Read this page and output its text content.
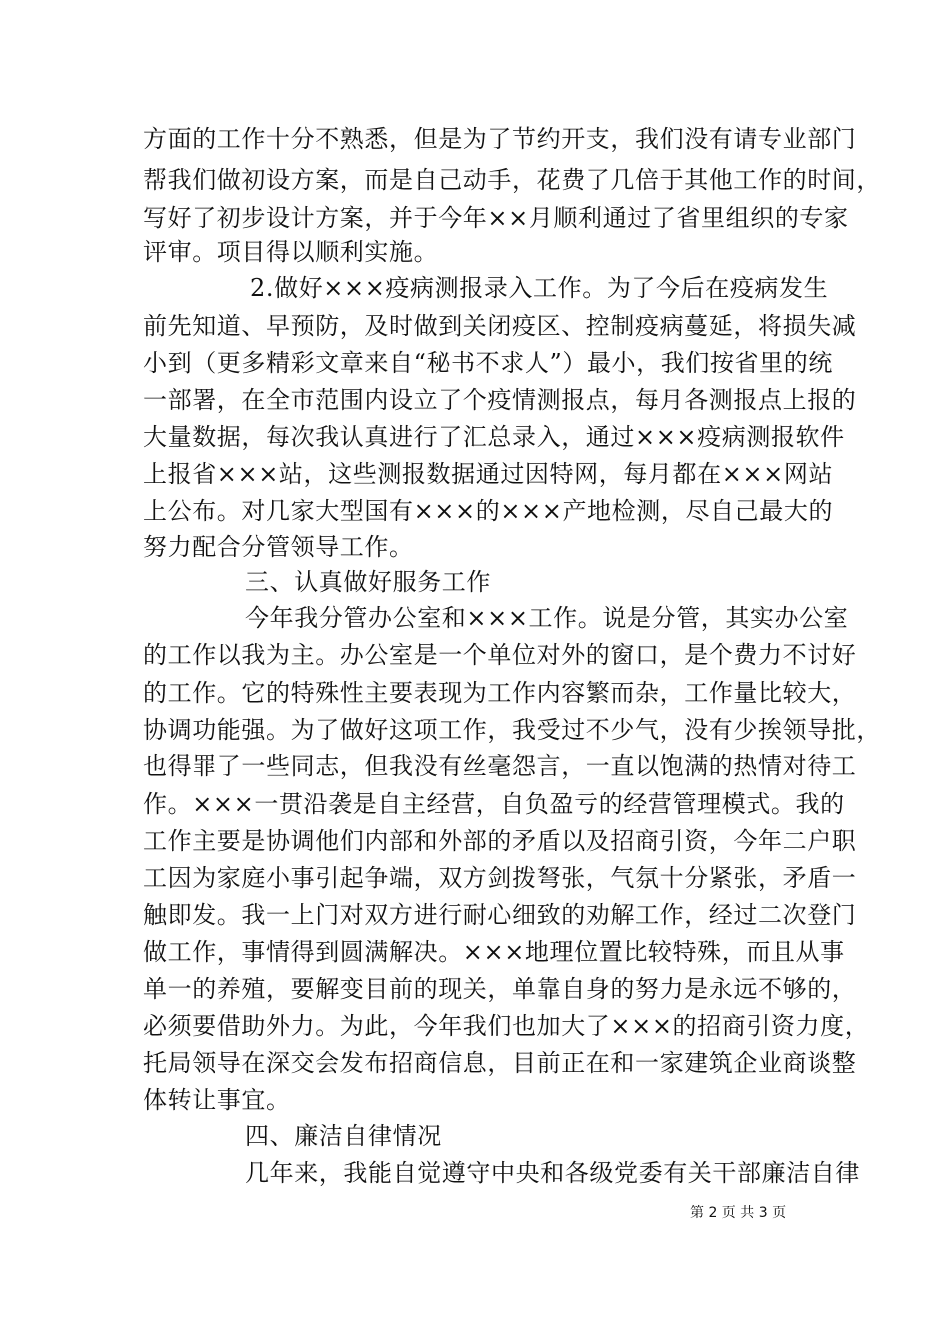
方面的工作十分不熟悉，但是为了节约开支，我们没有请专业部门
帮我们做初设方案，而是自己动手，花费了几倍于其他工作的时间，
写好了初步设计方案，并于今年××月顺利通过了省里组织的专家
评审。项目得以顺利实施。
2.做好×××疫病测报录入工作。为了今后在疫病发生
前先知道、早预防，及时做到关闭疫区、控制疫病蔓延，将损失减
小到（更多精彩文章来自“秘书不求人”）最小，我们按省里的统
一部署，在全市范围内设立了个疫情测报点，每月各测报点上报的
大量数据，每次我认真进行了汇总录入，通过×××疫病测报软件
上报省×××站，这些测报数据通过因特网，每月都在×××网站
上公布。对几家大型国有×××的×××产地检测，尽自己最大的
努力配合分管领导工作。
三、认真做好服务工作
今年我分管办公室和×××工作。说是分管，其实办公室
的工作以我为主。办公室是一个单位对外的窗口，是个费力不讨好
的工作。它的特殊性主要表现为工作内容繁而杂，工作量比较大，
协调功能强。为了做好这项工作，我受过不少气，没有少挨领导批，
也得罪了一些同志，但我没有丝毫怨言，一直以饱满的热情对待工
作。×××一贯沿袭是自主经营，自负盈亏的经营管理模式。我的
工作主要是协调他们内部和外部的矛盾以及招商引资，今年二户职
工因为家庭小事引起争端，双方剑拨弩张，气氛十分紧张，矛盾一
触即发。我一上门对双方进行耐心细致的劝解工作，经过二次登门
做工作，事情得到圆满解决。×××地理位置比较特殊，而且从事
单一的养殖，要解变目前的现关，单靠自身的努力是永远不够的，
必须要借助外力。为此，今年我们也加大了×××的招商引资力度，
托局领导在深交会发布招商信息，目前正在和一家建筑企业商谈整
体转让事宜。
四、廉洁自律情况
几年来，我能自觉遵守中央和各级党委有关干部廉洁自律
第 2 页 共 3 页
